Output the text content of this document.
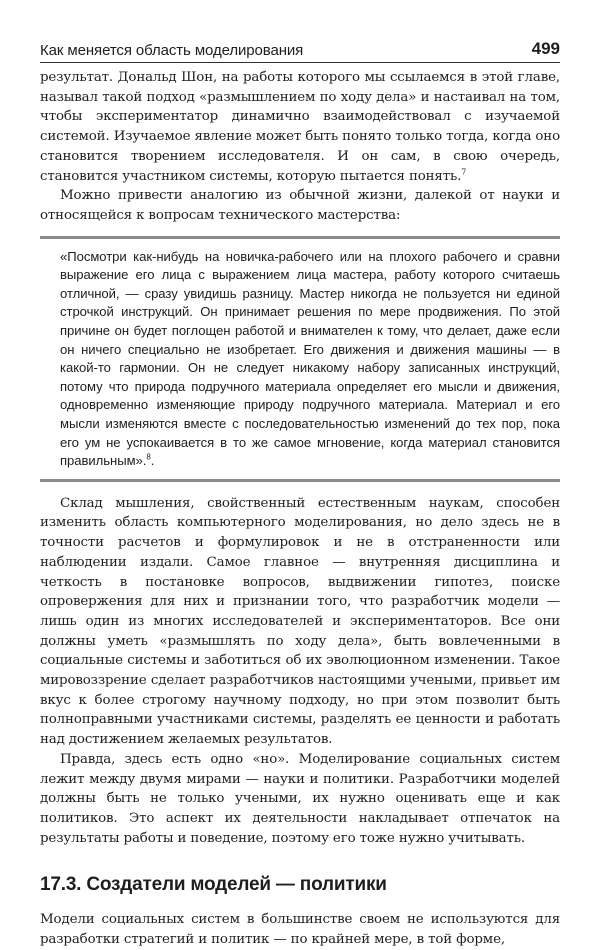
Как меняется область моделирования	499

результат. Дональд Шон, на работы которого мы ссылаемся в этой главе, называл такой подход «размышлением по ходу дела» и настаивал на том, чтобы экспериментатор динамично взаимодействовал с изучаемой системой. Изучаемое явление может быть понято только тогда, когда оно становится творением исследователя. И он сам, в свою очередь, становится участником системы, которую пытается понять.$^7$

Можно привести аналогию из обычной жизни, далекой от науки и относящейся к вопросам технического мастерства:

«Посмотри как-нибудь на новичка-рабочего или на плохого рабочего и сравни выражение его лица с выражением лица мастера, работу которого считаешь отличной, — сразу увидишь разницу. Мастер никогда не пользуется ни единой строчкой инструкций. Он принимает решения по мере продвижения. По этой причине он будет поглощен работой и внимателен к тому, что делает, даже если он ничего специально не изобретает. Его движения и движения машины — в какой-то гармонии. Он не следует никакому набору записанных инструкций, потому что природа подручного материала определяет его мысли и движения, одновременно изменяющие природу подручного материала. Материал и его мысли изменяются вместе с последовательностью изменений до тех пор, пока его ум не успокаивается в то же самое мгновение, когда материал становится правильным».$^8$.

Склад мышления, свойственный естественным наукам, способен изменить область компьютерного моделирования, но дело здесь не в точности расчетов и формулировок и не в отстраненности или наблюдении издали. Самое главное — внутренняя дисциплина и четкость в постановке вопросов, выдвижении гипотез, поиске опровержения для них и признании того, что разработчик модели — лишь один из многих исследователей и экспериментаторов. Все они должны уметь «размышлять по ходу дела», быть вовлеченными в социальные системы и заботиться об их эволюционном изменении. Такое мировоззрение сделает разработчиков настоящими учеными, привьет им вкус к более строгому научному подходу, но при этом позволит быть полноправными участниками системы, разделять ее ценности и работать над достижением желаемых результатов.

Правда, здесь есть одно «но». Моделирование социальных систем лежит между двумя мирами — науки и политики. Разработчики моделей должны быть не только учеными, их нужно оценивать еще и как политиков. Это аспект их деятельности накладывает отпечаток на результаты работы и поведение, поэтому его тоже нужно учитывать.

17.3. Создатели моделей — политики

Модели социальных систем в большинстве своем не используются для разработки стратегий и политик — по крайней мере, в той форме,
